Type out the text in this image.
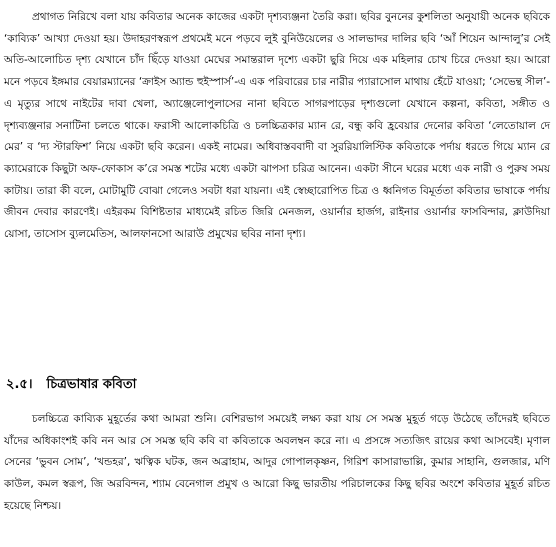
প্রথাগত নিরিখে বলা যায় কবিতার অনেক কাজের একটা দৃশ্যব্যঞ্জনা তৈরি করা। ছবির বুননের কুশলিতা অনুযায়ী অনেক ছবিকে ‘কাব্যিক’ আখ্যা দেওয়া হয়। উদাহরণস্বরূপ প্রথমেই মনে পড়বে লুই বুনিউয়েলের ও সালভাদর দালির ছবি ‘আঁ শিয়েন আন্দালু’র সেই অতি-আলোচিত দৃশ্য যেখানে চাঁদ ছিঁড়ে যাওয়া মেঘের সমান্তরাল দৃশ্যে একটা ছুরি দিয়ে এক মহিলার চোখ চিরে দেওয়া হয়। আরো মনে পড়বে ইঙ্গমার বেয়ারম্যানের ‘ক্রাইস অ্যান্ড হুইস্পার্স’-এ এক পরিবারের চার নারীর প্যারাসোল মাথায় হেঁটে যাওয়া; ‘সেভেন্থ সীল’-এ মৃত্যুর সাথে নাইটের দাবা খেলা, অ্যাঞ্জেলোপুলাসের নানা ছবিতে সাগরপাড়ের দৃশ্যগুলো যেখানে কল্পনা, কবিতা, সঙ্গীত ও দৃশ্যব্যঞ্জনার সনাটিনা চলতে থাকে। ফরাসী আলোকচিত্রি ও চলচ্চিত্রকার ম্যান রে, বন্ধু কবি হ্রবেয়ার দেনোর কবিতা ‘লেতোয়াল দে মের’ ব ‘দ্য স্টারফিশ’ নিয়ে একটা ছবি করেন। একই নামের। অধিবাস্তববাদী বা সুররিয়ালিস্টিক কবিতাকে পর্দায় ধরতে গিয়ে ম্যান রে ক্যামেরাকে কিছুটা অফ-ফোকাস ক’রে সমস্ত শটের মধ্যে একটা ঝাপসা চরিত্র আনেন। একটা সীনে ঘরের মধ্যে এক নারী ও পুরুষ সময় কাটায়। তারা কী বলে, মোটামুটি বোঝা গেলেও সবটা ধরা যায়না। এই স্বেচ্ছারোপিত চিত্র ও ধ্বনিগত বিমূর্ততা কবিতার ভাষাকে পর্দায় জীবন দেবার কারণেই। এইরকম বিশিষ্টতার মাধ্যমেই রচিত জিরি মেনজল, ওয়ার্নার হার্জগ, রাইনার ওয়ার্নার ফাসবিন্দার, ক্লাউদিয়া য়োসা, তাসোস ব্যুলমেতিস, আলফানসো আরাউ প্রমুখের ছবির নানা দৃশ্য।

২.৫। চিত্রভাষার কবিতা

চলচ্চিত্রে কাব্যিক মুহূর্তের কথা আমরা শুনি। বেশিরভাগ সময়েই লক্ষ্য করা যায় সে সমস্ত মুহূর্ত গড়ে উঠেছে তাঁদেরই ছবিতে যাঁদের অধিকাংশই কবি নন আর সে সমস্ত ছবি কবি বা কবিতাকে অবলম্বন করে না। এ প্রসঙ্গে সত্যজিৎ রায়ের কথা আসবেই। মৃণাল সেনের ‘ভুবন সোম’, ‘খন্ডহর’, ঋত্বিক ঘটক, জন অব্রাহাম, আদুর গোপালকৃষ্ণন, গিরিশ কাসারাভাল্লি, কুমার সাহানি, গুলজার, মণি কাউল, কমল স্বরূপ, জি অরবিন্দন, শ্যাম বেনেগাল প্রমুখ ও আরো কিছু ভারতীয় পরিচালকের কিছু ছবির অংশে কবিতার মুহূর্ত রচিত হয়েছে নিশ্চয়।
